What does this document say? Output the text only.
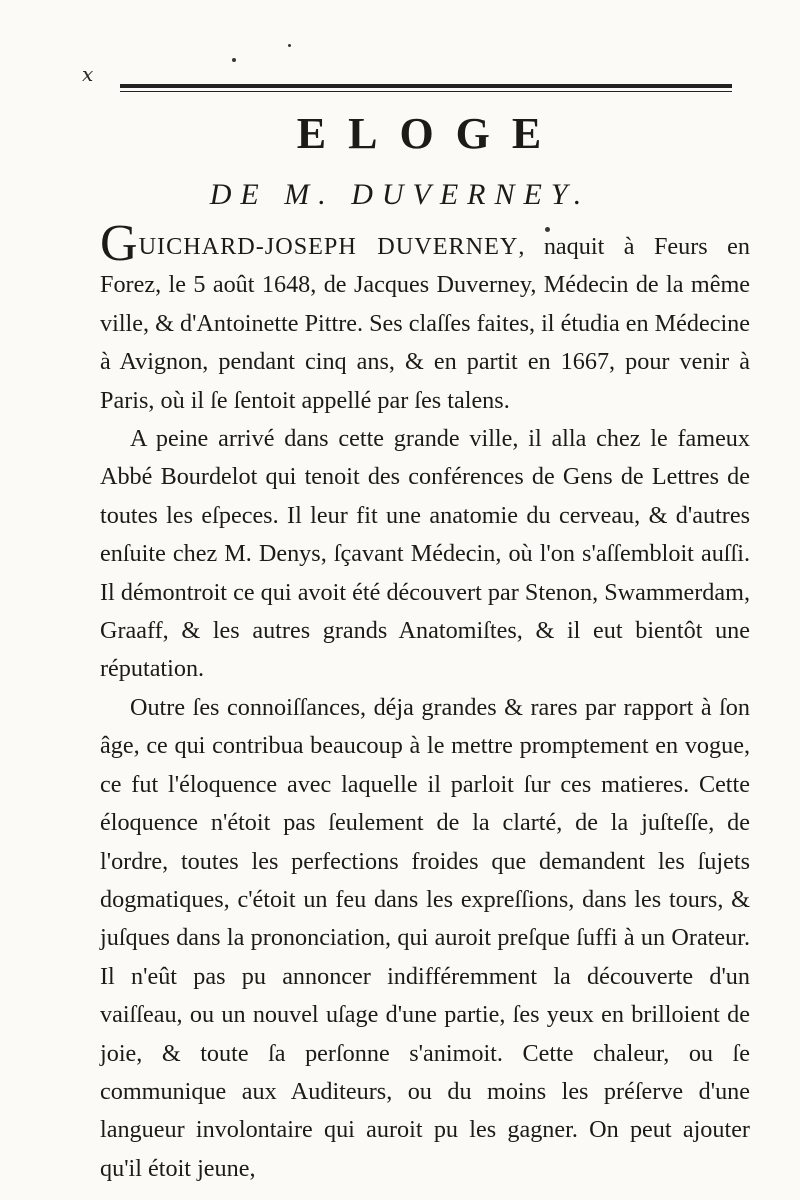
x
ELOGE
DE M. DUVERNEY.

GUICHARD-JOSEPH DUVERNEY, naquit à Feurs en Forez, le 5 août 1648, de Jacques Duverney, Médecin de la même ville, & d'Antoinette Pittre. Ses claſſes faites, il étudia en Médecine à Avignon, pendant cinq ans, & en partit en 1667, pour venir à Paris, où il ſe ſentoit appellé par ſes talens.

A peine arrivé dans cette grande ville, il alla chez le fameux Abbé Bourdelot qui tenoit des conférences de Gens de Lettres de toutes les eſpeces. Il leur fit une anatomie du cerveau, & d'autres enſuite chez M. Denys, ſçavant Médecin, où l'on s'aſſembloit auſſi. Il démontroit ce qui avoit été découvert par Stenon, Swammerdam, Graaff, & les autres grands Anatomiſtes, & il eut bientôt une réputation.

Outre ſes connoiſſances, déja grandes & rares par rapport à ſon âge, ce qui contribua beaucoup à le mettre promptement en vogue, ce fut l'éloquence avec laquelle il parloit ſur ces matieres. Cette éloquence n'étoit pas ſeulement de la clarté, de la juſteſſe, de l'ordre, toutes les perfections froides que demandent les ſujets dogmatiques, c'étoit un feu dans les expreſſions, dans les tours, & juſques dans la prononciation, qui auroit preſque ſuffi à un Orateur. Il n'eût pas pu annoncer indifféremment la découverte d'un vaiſſeau, ou un nouvel uſage d'une partie, ſes yeux en brilloient de joie, & toute ſa perſonne s'animoit. Cette chaleur, ou ſe communique aux Auditeurs, ou du moins les préſerve d'une langueur involontaire qui auroit pu les gagner. On peut ajouter qu'il étoit jeune,
